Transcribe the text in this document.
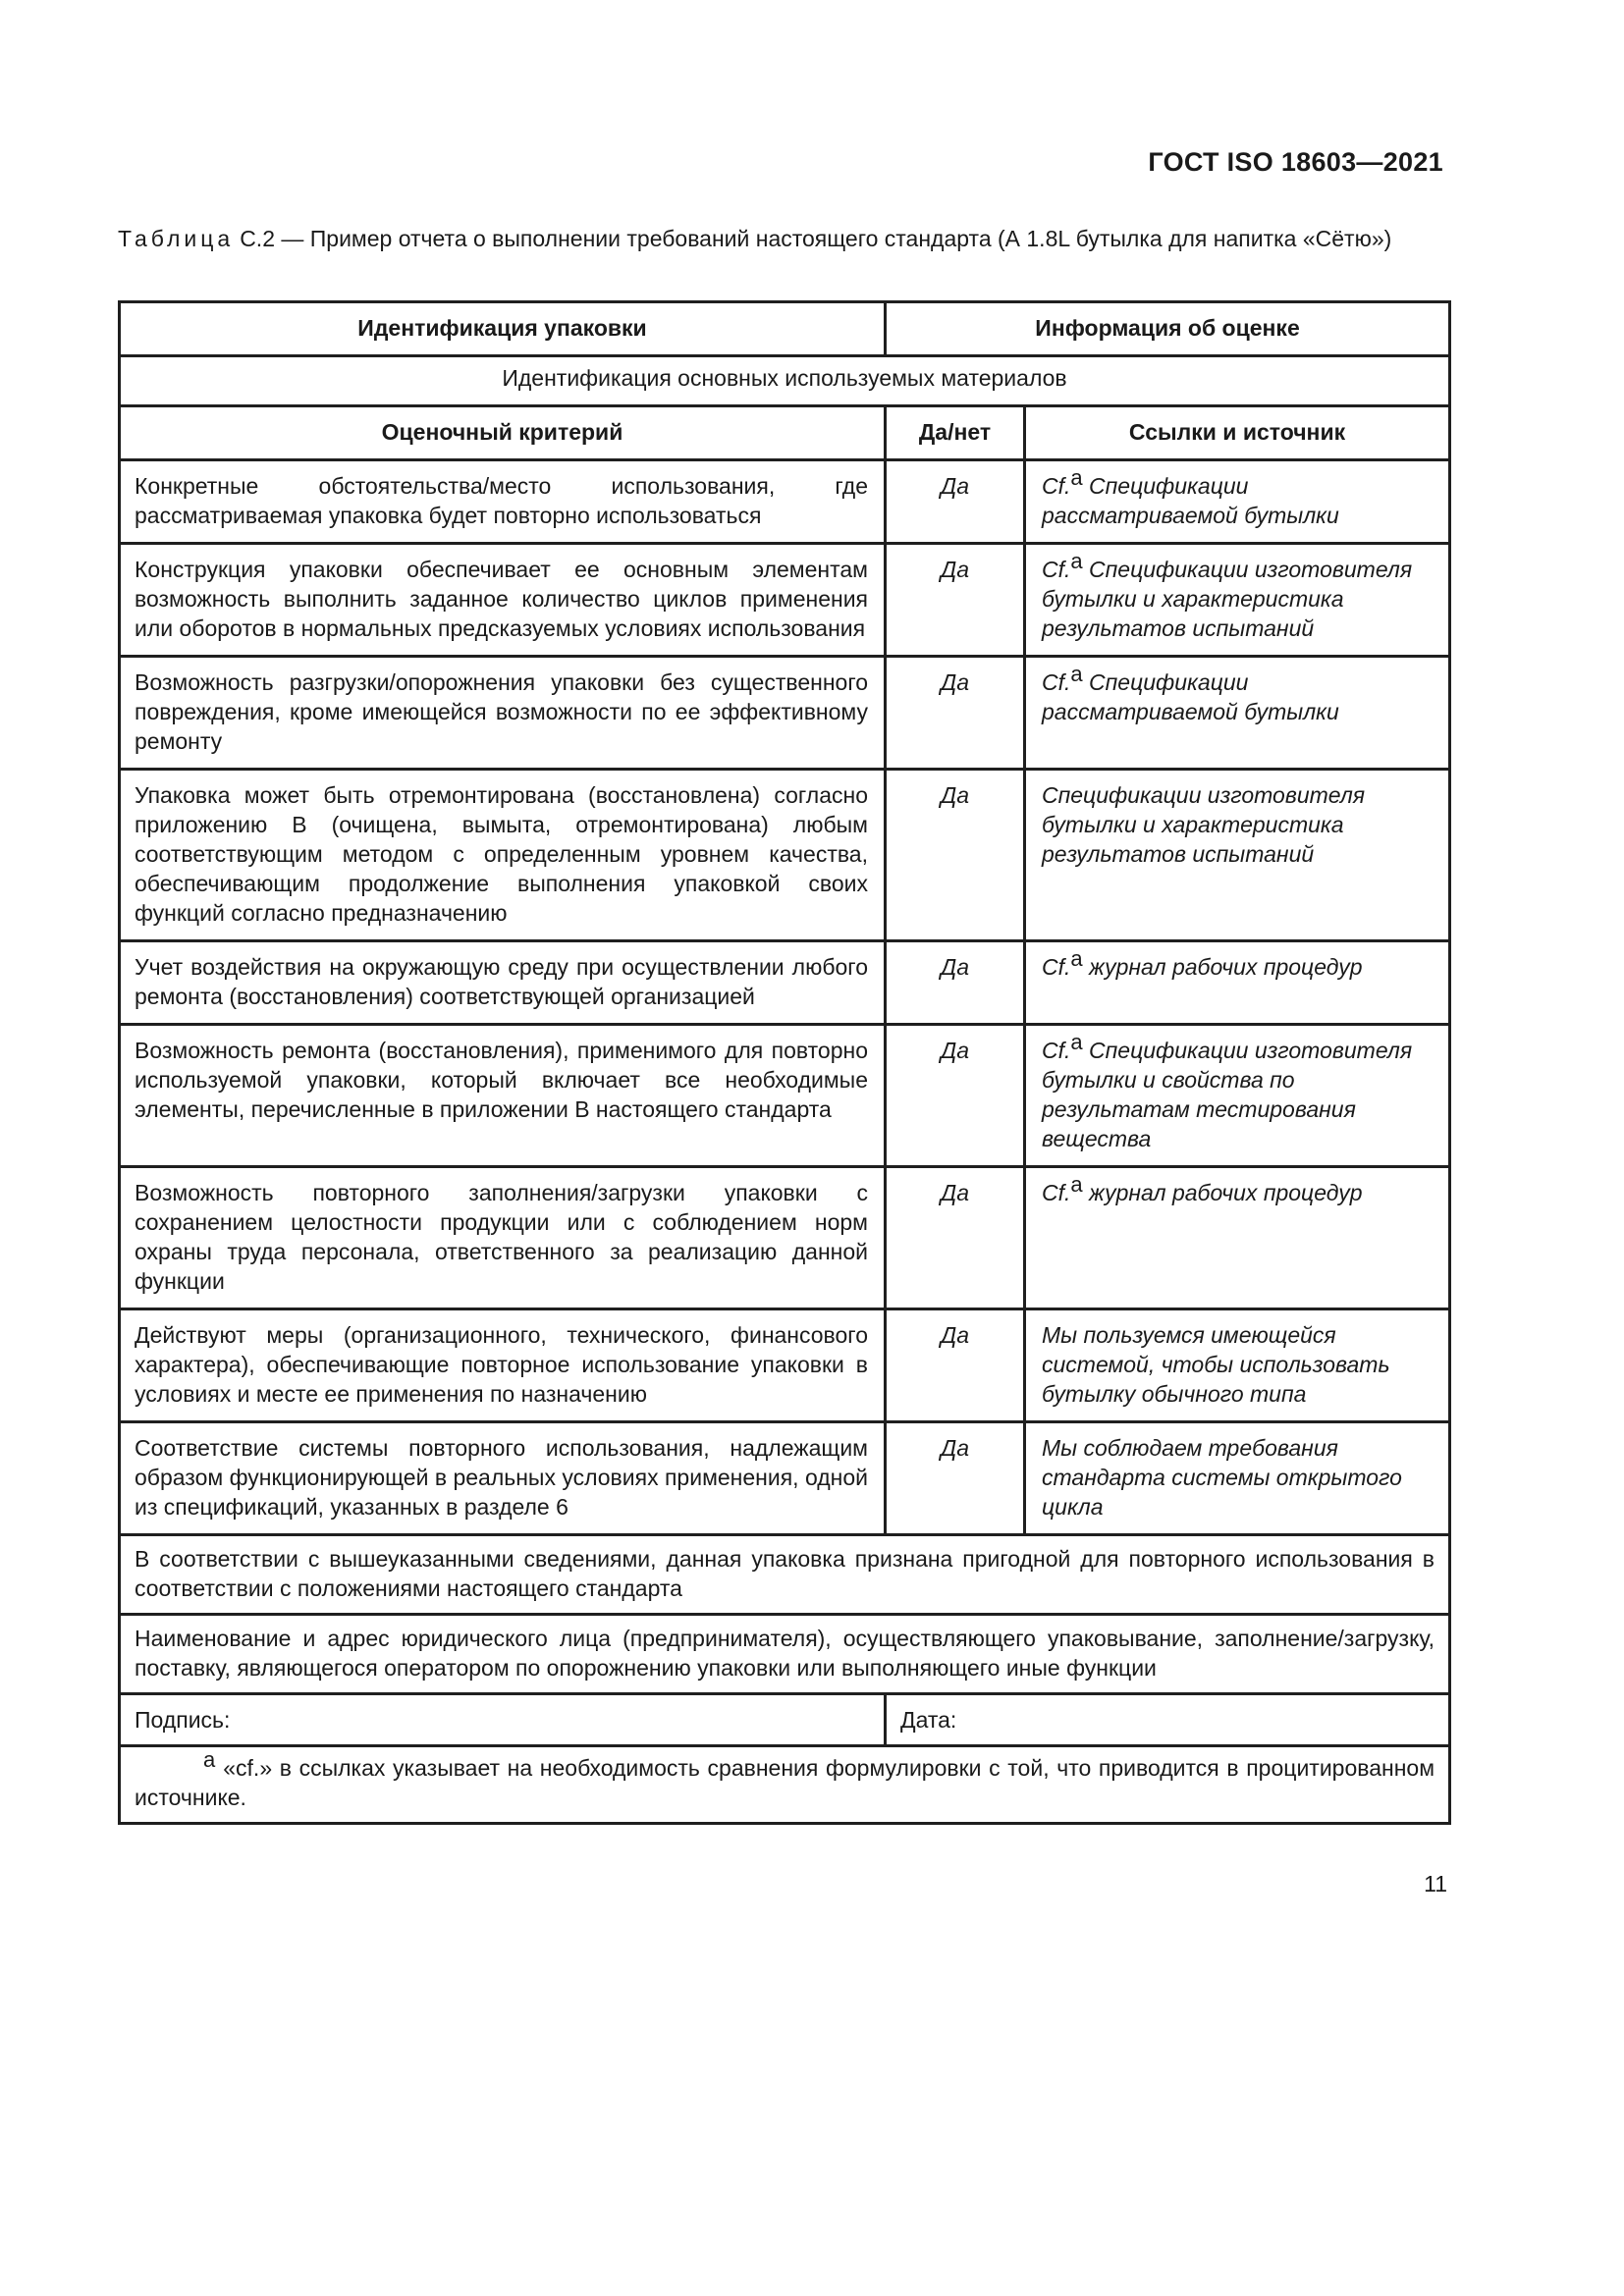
ГОСТ ISO 18603—2021
Таблица С.2 — Пример отчета о выполнении требований настоящего стандарта (А 1.8L бутылка для напитка «Сётю»)
Идентификация упаковки	Информация об оценке	
Идентификация основных используемых материалов		
Оценочный критерий	Да/нет	Ссылки и источник
Конкретные обстоятельства/место использования, где рассматриваемая упаковка будет повторно использоваться	Да	Cf.a Спецификации рассматриваемой бутылки
Конструкция упаковки обеспечивает ее основным элементам возможность выполнить заданное количество циклов применения или оборотов в нормальных предсказуемых условиях использования	Да	Cf.a Спецификации изготовителя бутылки и характеристика результатов испытаний
Возможность разгрузки/опорожнения упаковки без существенного повреждения, кроме имеющейся возможности по ее эффективному ремонту	Да	Cf.a Спецификации рассматриваемой бутылки
Упаковка может быть отремонтирована (восстановлена) согласно приложению В (очищена, вымыта, отремонтирована) любым соответствующим методом с определенным уровнем качества, обеспечивающим продолжение выполнения упаковкой своих функций согласно предназначению	Да	Спецификации изготовителя бутылки и характеристика результатов испытаний
Учет воздействия на окружающую среду при осуществлении любого ремонта (восстановления) соответствующей организацией	Да	Cf.a журнал рабочих процедур
Возможность ремонта (восстановления), применимого для повторно используемой упаковки, который включает все необходимые элементы, перечисленные в приложении В настоящего стандарта	Да	Cf.a Спецификации изготовителя бутылки и свойства по результатам тестирования вещества
Возможность повторного заполнения/загрузки упаковки с сохранением целостности продукции или с соблюдением норм охраны труда персонала, ответственного за реализацию данной функции	Да	Cf.a журнал рабочих процедур
Действуют меры (организационного, технического, финансового характера), обеспечивающие повторное использование упаковки в условиях и месте ее применения по назначению	Да	Мы пользуемся имеющейся системой, чтобы использовать бутылку обычного типа
Соответствие системы повторного использования, надлежащим образом функционирующей в реальных условиях применения, одной из спецификаций, указанных в разделе 6	Да	Мы соблюдаем требования стандарта системы открытого цикла
В соответствии с вышеуказанными сведениями, данная упаковка признана пригодной для повторного использования в соответствии с положениями настоящего стандарта		
Наименование и адрес юридического лица (предпринимателя), осуществляющего упаковывание, заполнение/загрузку, поставку, являющегося оператором по опорожнению упаковки или выполняющего иные функции		
Подпись:	Дата:	
a «cf.» в ссылках указывает на необходимость сравнения формулировки с той, что приводится в процитированном источнике.		
11
